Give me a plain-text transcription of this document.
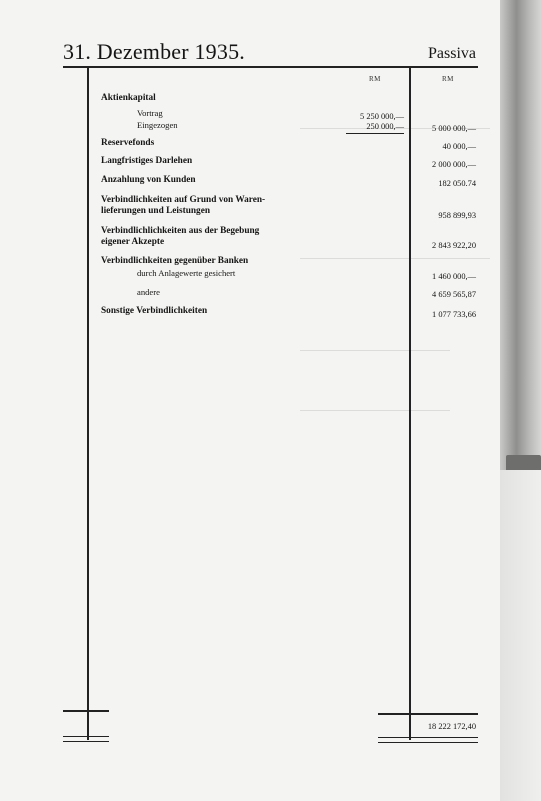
31. Dezember 1935.	Passiva
RM	RM
Aktienkapital
Vortrag	5 250 000,—
Eingezogen	250 000,—	5 000 000,—
Reservefonds	40 000,—
Langfristiges Darlehen	2 000 000,—
Anzahlung von Kunden	182 050.74
Verbindlichkeiten auf Grund von Waren-
lieferungen und Leistungen	958 899,93
Verbindlichlichkeiten aus der Begebung
eigener Akzepte	2 843 922,20
Verbindlichkeiten gegenüber Banken
durch Anlagewerte gesichert	1 460 000,—
andere	4 659 565,87
Sonstige Verbindlichkeiten	1 077 733,66
18 222 172,40
